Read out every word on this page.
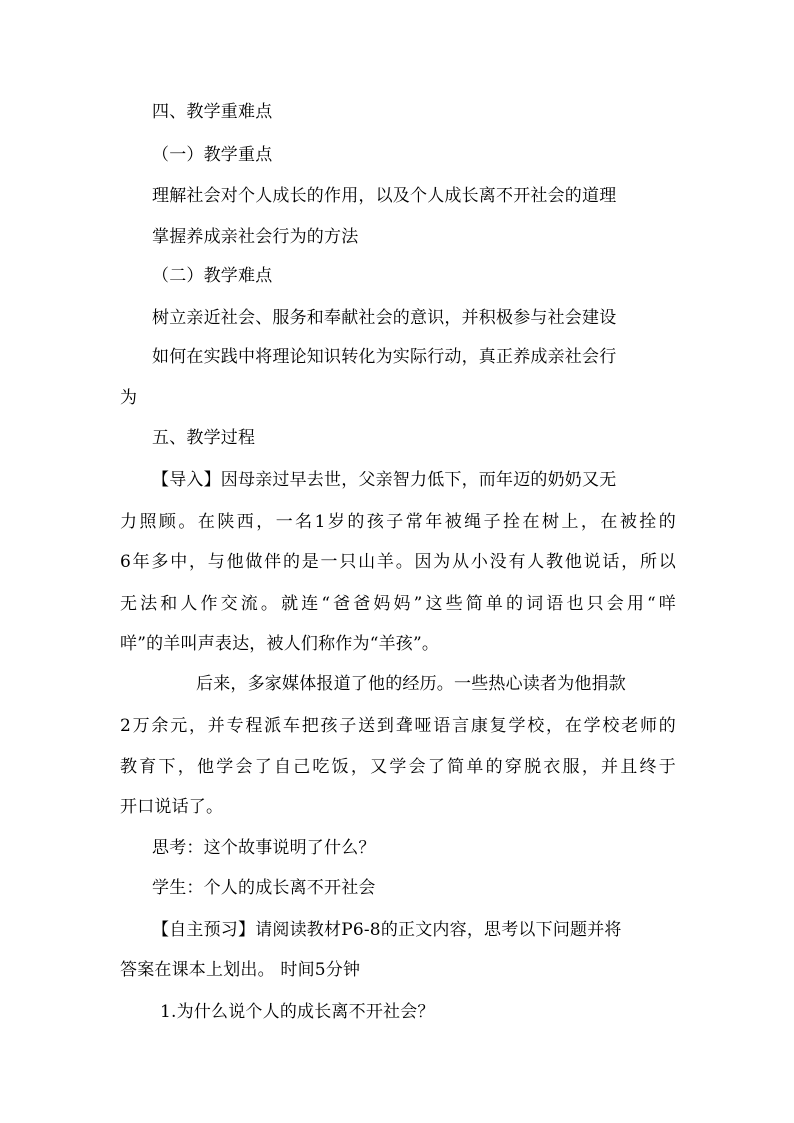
四、教学重难点
（一）教学重点
理解社会对个人成长的作用，以及个人成长离不开社会的道理
掌握养成亲社会行为的方法
（二）教学难点
树立亲近社会、服务和奉献社会的意识，并积极参与社会建设
如何在实践中将理论知识转化为实际行动，真正养成亲社会行
为
五、教学过程
【导入】因母亲过早去世，父亲智力低下，而年迈的奶奶又无
力照顾。在陕西，一名1岁的孩子常年被绳子拴在树上，在被拴的
6年多中，与他做伴的是一只山羊。因为从小没有人教他说话，所以
无法和人作交流。就连“爸爸妈妈”这些简单的词语也只会用“咩
咩”的羊叫声表达，被人们称作为“羊孩”。
后来，多家媒体报道了他的经历。一些热心读者为他捐款
2万余元，并专程派车把孩子送到聋哑语言康复学校，在学校老师的
教育下，他学会了自己吃饭，又学会了简单的穿脱衣服，并且终于
开口说话了。
思考：这个故事说明了什么？
学生：个人的成长离不开社会
【自主预习】请阅读教材P6-8的正文内容，思考以下问题并将
答案在课本上划出。 时间5分钟
1.为什么说个人的成长离不开社会？
